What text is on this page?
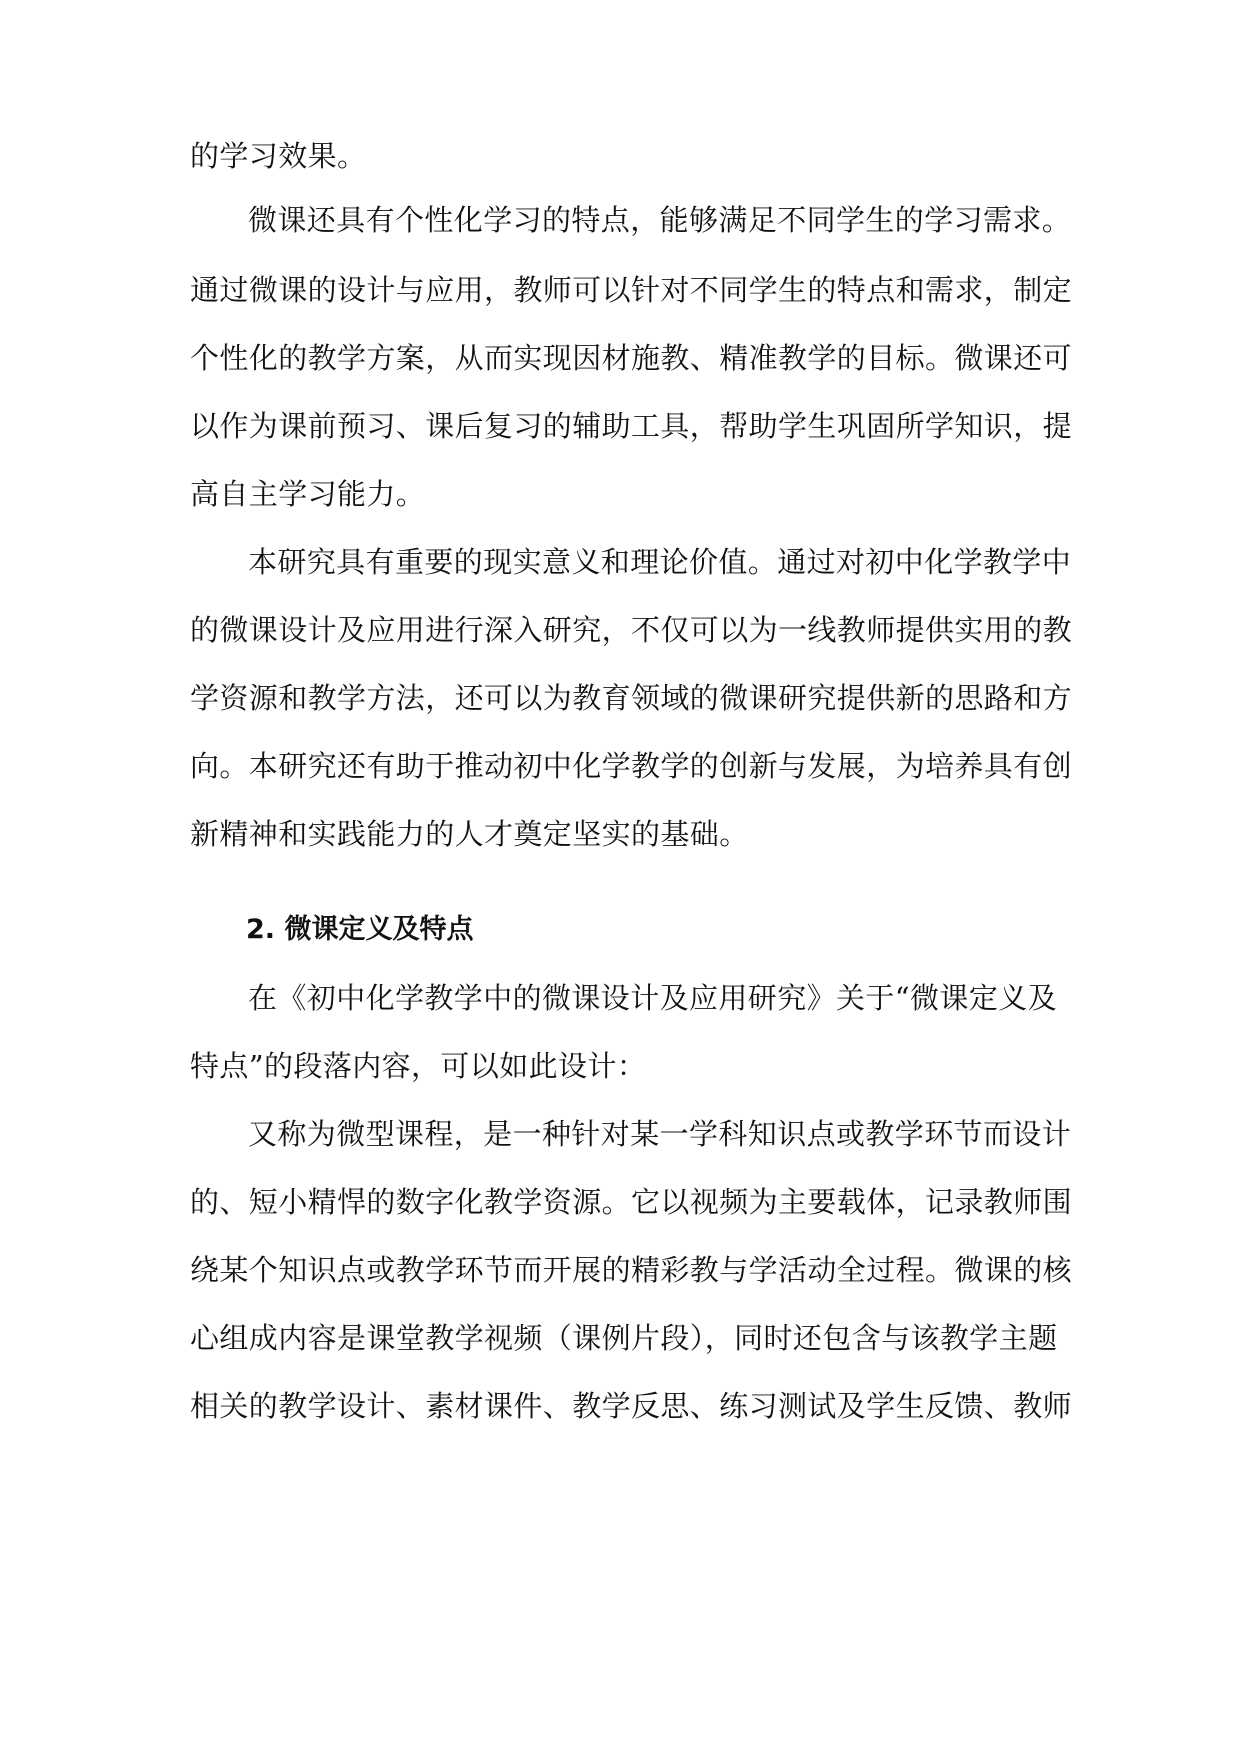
的学习效果。
微课还具有个性化学习的特点，能够满足不同学生的学习需求。
通过微课的设计与应用，教师可以针对不同学生的特点和需求，制定
个性化的教学方案，从而实现因材施教、精准教学的目标。微课还可
以作为课前预习、课后复习的辅助工具，帮助学生巩固所学知识，提
高自主学习能力。
本研究具有重要的现实意义和理论价值。通过对初中化学教学中
的微课设计及应用进行深入研究，不仅可以为一线教师提供实用的教
学资源和教学方法，还可以为教育领域的微课研究提供新的思路和方
向。本研究还有助于推动初中化学教学的创新与发展，为培养具有创
新精神和实践能力的人才奠定坚实的基础。
2. 微课定义及特点
在《初中化学教学中的微课设计及应用研究》关于“微课定义及
特点”的段落内容，可以如此设计：
又称为微型课程，是一种针对某一学科知识点或教学环节而设计
的、短小精悍的数字化教学资源。它以视频为主要载体，记录教师围
绕某个知识点或教学环节而开展的精彩教与学活动全过程。微课的核
心组成内容是课堂教学视频（课例片段），同时还包含与该教学主题
相关的教学设计、素材课件、教学反思、练习测试及学生反馈、教师
